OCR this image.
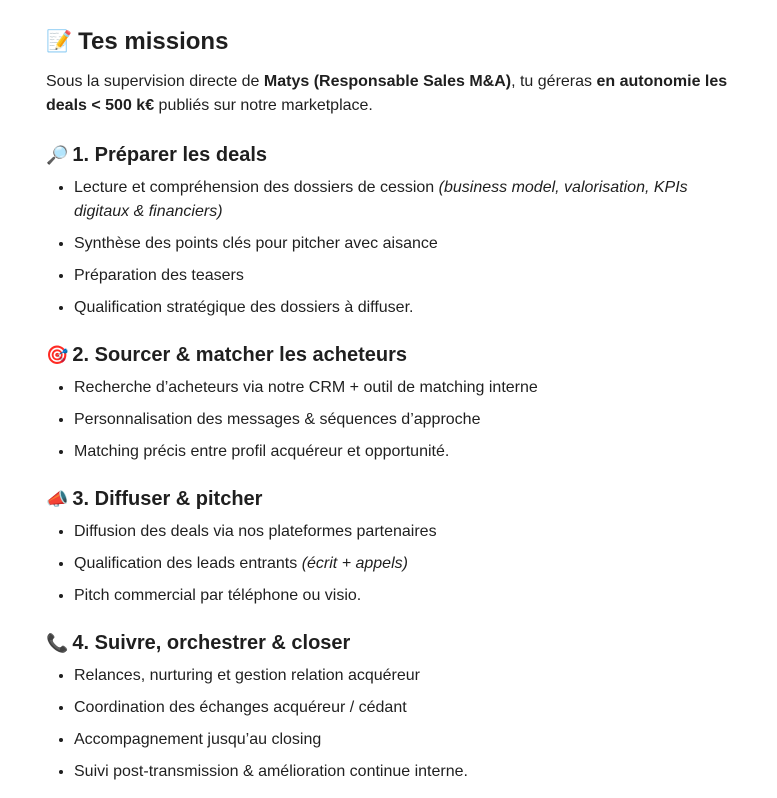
📝 Tes missions

Sous la supervision directe de Matys (Responsable Sales M&A), tu géreras en autonomie les deals < 500 k€ publiés sur notre marketplace.

🔎 1. Préparer les deals
• Lecture et compréhension des dossiers de cession (business model, valorisation, KPIs digitaux & financiers)
• Synthèse des points clés pour pitcher avec aisance
• Préparation des teasers
• Qualification stratégique des dossiers à diffuser.
🎯 2. Sourcer & matcher les acheteurs
• Recherche d’acheteurs via notre CRM + outil de matching interne
• Personnalisation des messages & séquences d’approche
• Matching précis entre profil acquéreur et opportunité.
📣 3. Diffuser & pitcher
• Diffusion des deals via nos plateformes partenaires
• Qualification des leads entrants (écrit + appels)
• Pitch commercial par téléphone ou visio.
📞 4. Suivre, orchestrer & closer
• Relances, nurturing et gestion relation acquéreur
• Coordination des échanges acquéreur / cédant
• Accompagnement jusqu’au closing
• Suivi post-transmission & amélioration continue interne.
